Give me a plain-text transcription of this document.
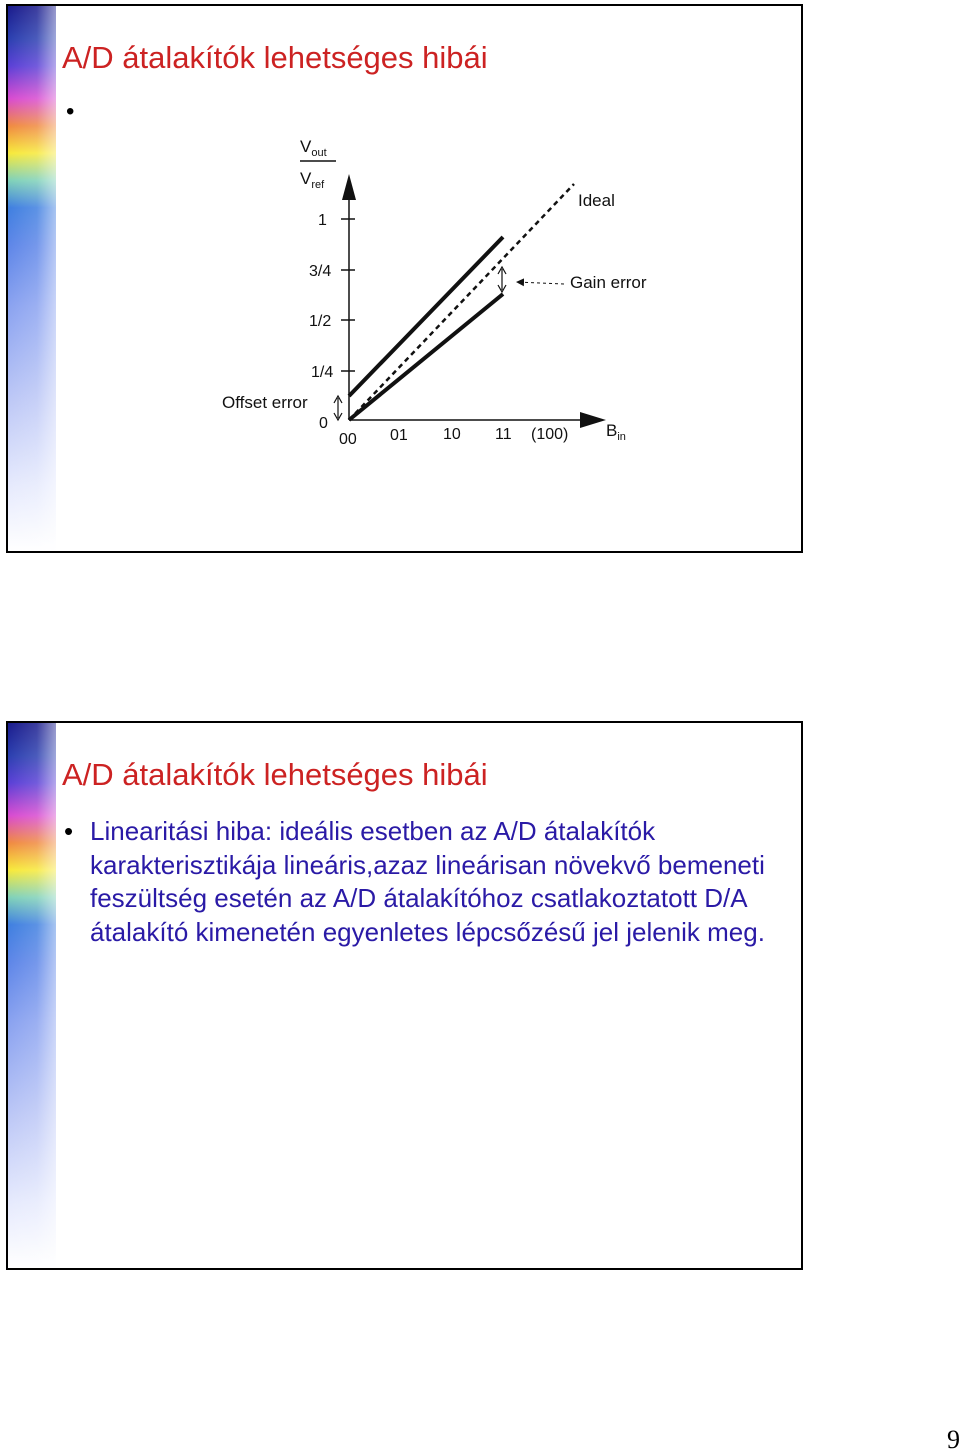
A/D átalakítók lehetséges hibái
•
$V_{out}$
$V_{ref}$
1
3/4
1/2
1/4
0
00 01 10 11 (100) $B_{in}$
Ideal
Gain error
Offset error
A/D átalakítók lehetséges hibái
• Linearitási hiba: ideális esetben az A/D átalakítók karakterisztikája lineáris,azaz lineárisan növekvő bemeneti feszültség esetén az A/D átalakítóhoz csatlakoztatott D/A átalakító kimenetén egyenletes lépcsőzésű jel jelenik meg.
9
